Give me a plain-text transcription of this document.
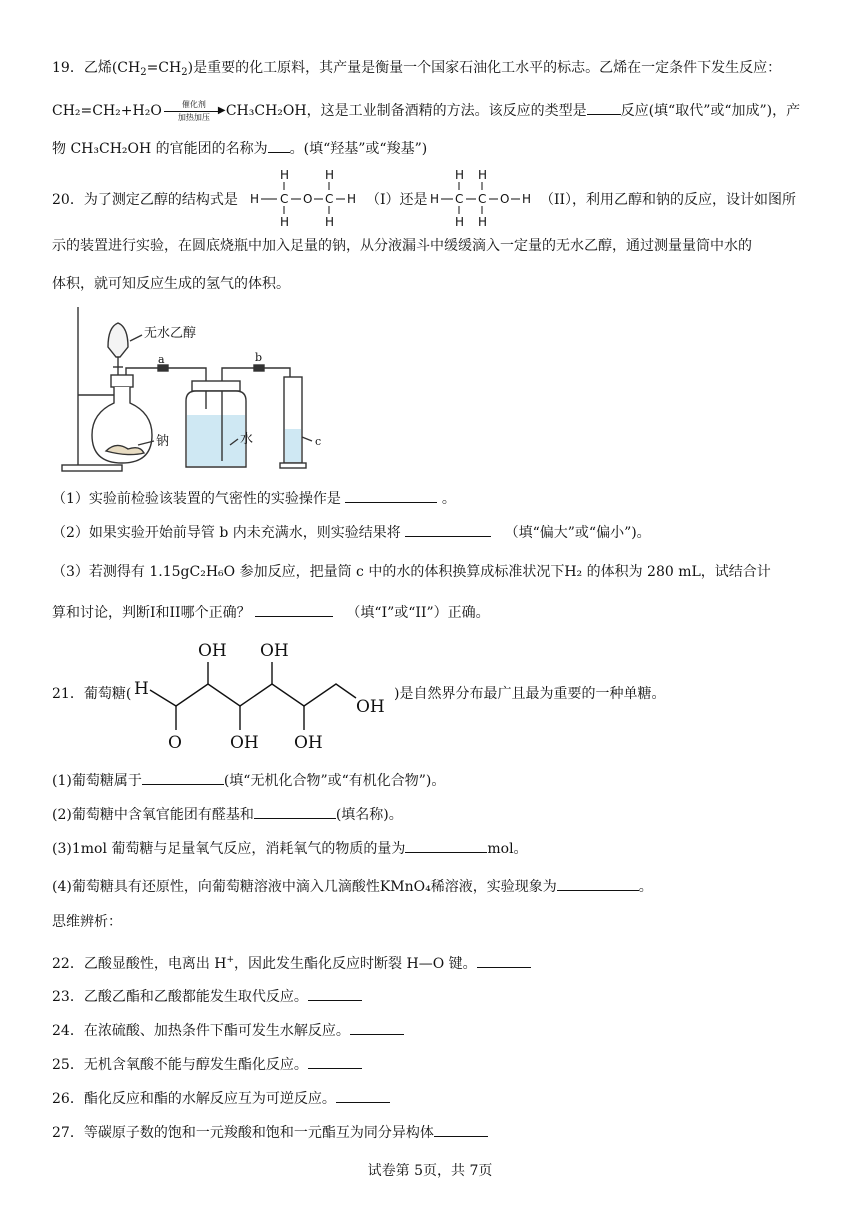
19．乙烯$(CH_2=CH_2)$是重要的化工原料，其产量是衡量一个国家石油化工水平的标志。乙烯在一定条件下发生反应：
CH₂=CH₂+H₂O	催化剂
▶
加热加压	CH₃CH₂OH，这是工业制备酒精的方法。该反应的类型是 反应(填“取代”或“加成”)，产
物 CH₃CH₂OH 的官能团的名称为 。(填“羟基”或“羧基”)
20．为了测定乙醇的结构式是
H	H
H C O C H
H	H
（I）还是
H H
H C C O H
H H
（II），利用乙醇和钠的反应，设计如图所
示的装置进行实验，在圆底烧瓶中加入足量的钠，从分液漏斗中缓缓滴入一定量的无水乙醇，通过测量量筒中水的
体积，就可知反应生成的氢气的体积。
无水乙醇
a	b
钠	水	c
（1）实验前检验该装置的气密性的实验操作是	。
（2）如果实验开始前导管 b 内未充满水，则实验结果将	（填“偏大”或“偏小”)。
（3）若测得有 1.15gC₂H₆O 参加反应，把量筒 c 中的水的体积换算成标准状况下H₂ 的体积为 280 mL，试结合计
算和讨论，判断I和II哪个正确？	（填“I”或“II”）正确。
21．葡萄糖( H
O
OH
OH
OH
OH
OH
)是自然界分布最广且最为重要的一种单糖。
(1)葡萄糖属于	(填“无机化合物”或“有机化合物”)。
(2)葡萄糖中含氧官能团有醛基和	(填名称)。
(3)1mol 葡萄糖与足量氧气反应，消耗氧气的物质的量为	mol。
(4)葡萄糖具有还原性，向葡萄糖溶液中滴入几滴酸性KMnO₄稀溶液，实验现象为	。
思维辨析：
22．乙酸显酸性，电离出 H+，因此发生酯化反应时断裂 H—O 键。
23．乙酸乙酯和乙酸都能发生取代反应。
24．在浓硫酸、加热条件下酯可发生水解反应。
25．无机含氧酸不能与醇发生酯化反应。
26．酯化反应和酯的水解反应互为可逆反应。
27．等碳原子数的饱和一元羧酸和饱和一元酯互为同分异构体
试卷第 5页，共 7页
